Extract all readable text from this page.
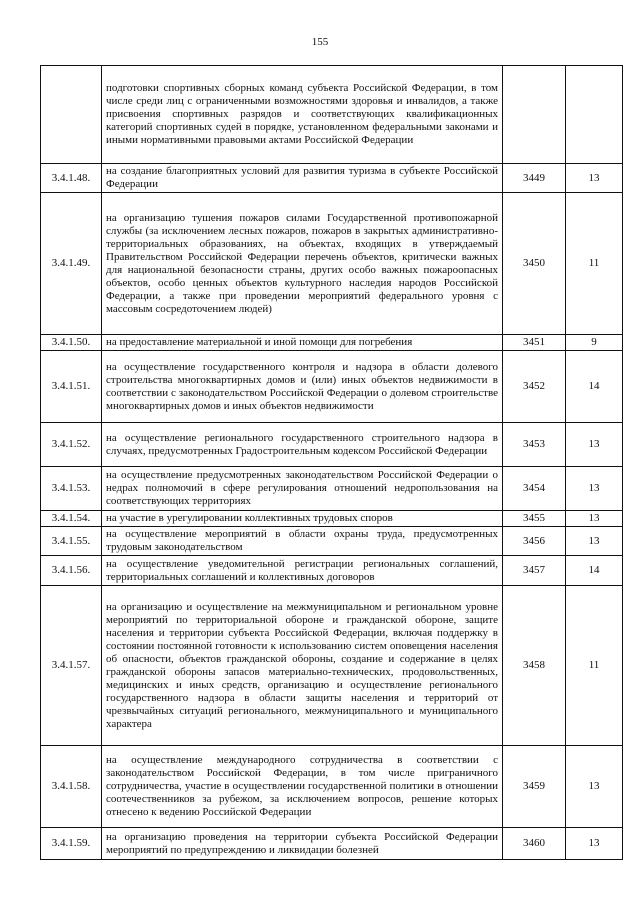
155
	подготовки спортивных сборных команд субъекта Российской Федерации, в том числе среди лиц с ограниченными возможностями здоровья и инвалидов, а также присвоения спортивных разрядов и соответствующих квалификационных категорий спортивных судей в порядке, установленном федеральными законами и иными нормативными правовыми актами Российской Федерации		
3.4.1.48.	на создание благоприятных условий для развития туризма в субъекте Российской Федерации	3449	13
3.4.1.49.	на организацию тушения пожаров силами Государственной противопожарной службы (за исключением лесных пожаров, пожаров в закрытых административно-территориальных образованиях, на объектах, входящих в утверждаемый Правительством Российской Федерации перечень объектов, критически важных для национальной безопасности страны, других особо важных пожароопасных объектов, особо ценных объектов культурного наследия народов Российской Федерации, а также при проведении мероприятий федерального уровня с массовым сосредоточением людей)	3450	11
3.4.1.50.	на предоставление материальной и иной помощи для погребения	3451	9
3.4.1.51.	на осуществление государственного контроля и надзора в области долевого строительства многоквартирных домов и (или) иных объектов недвижимости в соответствии с законодательством Российской Федерации о долевом строительстве многоквартирных домов и иных объектов недвижимости	3452	14
3.4.1.52.	на осуществление регионального государственного строительного надзора в случаях, предусмотренных Градостроительным кодексом Российской Федерации	3453	13
3.4.1.53.	на осуществление предусмотренных законодательством Российской Федерации о недрах полномочий в сфере регулирования отношений недропользования на соответствующих территориях	3454	13
3.4.1.54.	на участие в урегулировании коллективных трудовых споров	3455	13
3.4.1.55.	на осуществление мероприятий в области охраны труда, предусмотренных трудовым законодательством	3456	13
3.4.1.56.	на осуществление уведомительной регистрации региональных соглашений, территориальных соглашений и коллективных договоров	3457	14
3.4.1.57.	на организацию и осуществление на межмуниципальном и региональном уровне мероприятий по территориальной обороне и гражданской обороне, защите населения и территории субъекта Российской Федерации, включая поддержку в состоянии постоянной готовности к использованию систем оповещения населения об опасности, объектов гражданской обороны, создание и содержание в целях гражданской обороны запасов материально-технических, продовольственных, медицинских и иных средств, организацию и осуществление регионального государственного надзора в области защиты населения и территорий от чрезвычайных ситуаций регионального, межмуниципального и муниципального характера	3458	11
3.4.1.58.	на осуществление международного сотрудничества в соответствии с законодательством Российской Федерации, в том числе приграничного сотрудничества, участие в осуществлении государственной политики в отношении соотечественников за рубежом, за исключением вопросов, решение которых отнесено к ведению Российской Федерации	3459	13
3.4.1.59.	на организацию проведения на территории субъекта Российской Федерации мероприятий по предупреждению и ликвидации болезней	3460	13
